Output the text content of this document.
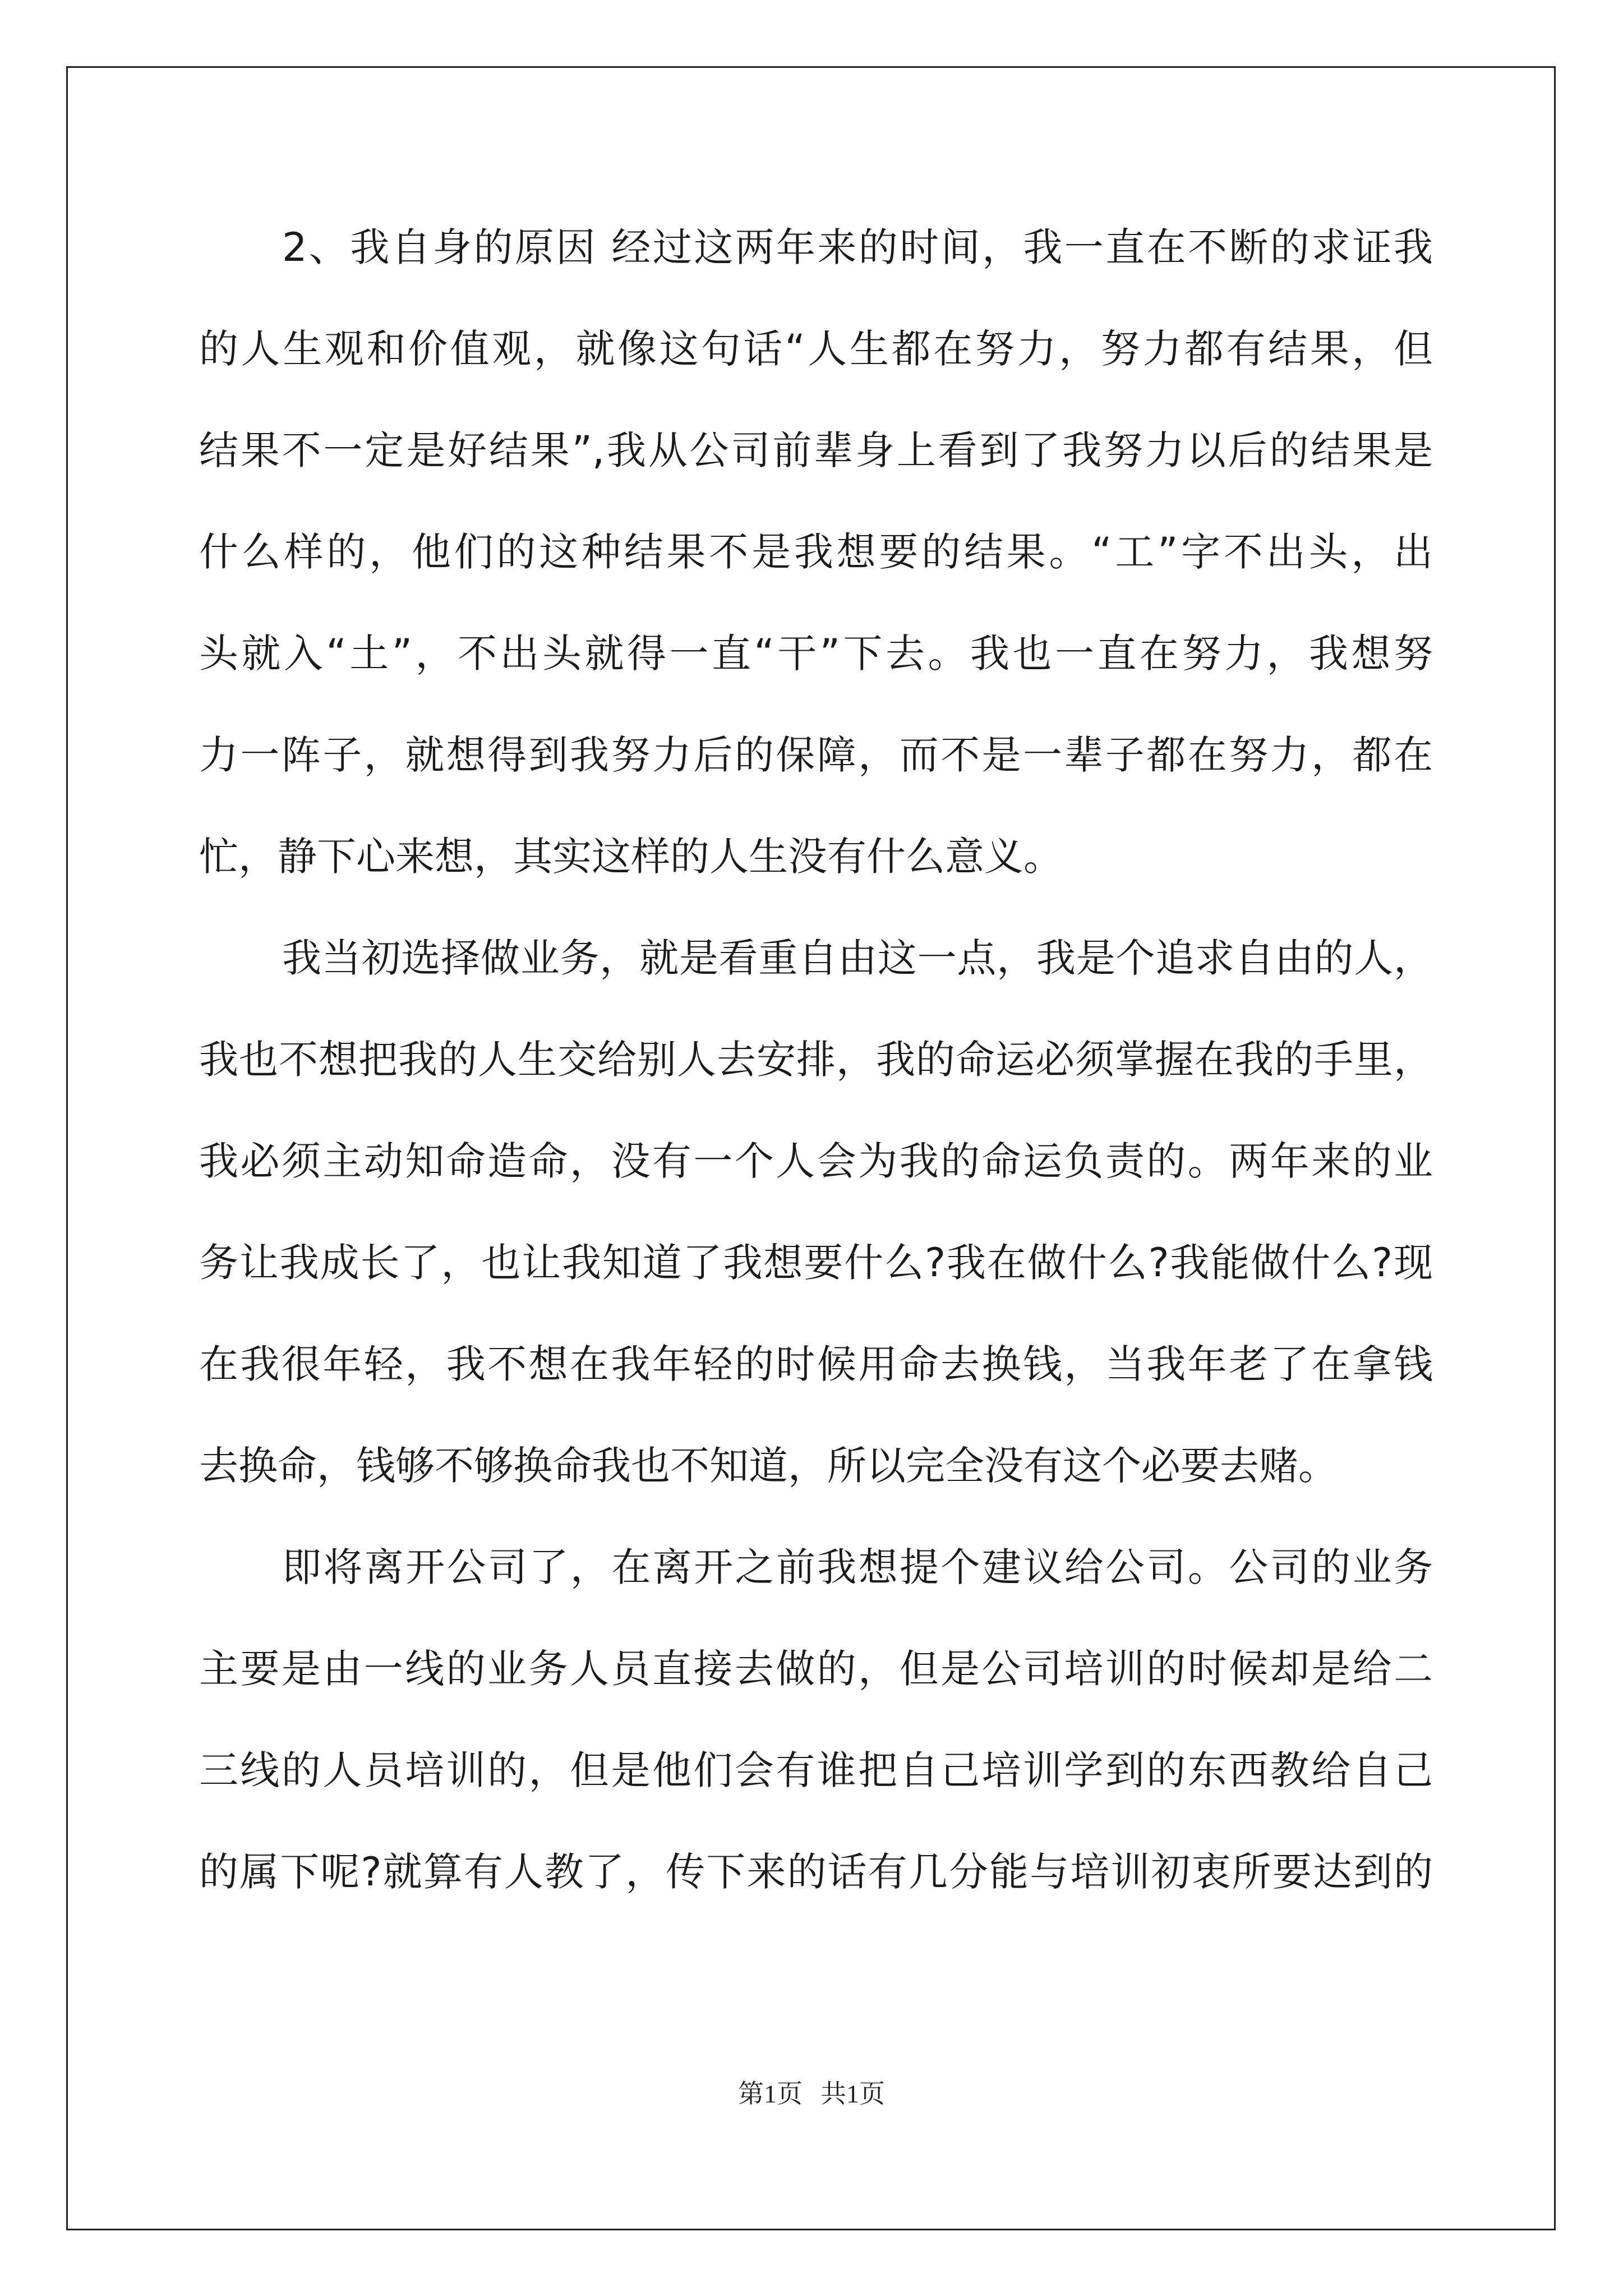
2、我自身的原因 经过这两年来的时间，我一直在不断的求证我
的人生观和价值观，就像这句话“人生都在努力，努力都有结果，但
结果不一定是好结果”,我从公司前辈身上看到了我努力以后的结果是
什么样的，他们的这种结果不是我想要的结果。“工”字不出头，出
头就入“土”，不出头就得一直“干”下去。我也一直在努力，我想努
力一阵子，就想得到我努力后的保障，而不是一辈子都在努力，都在
忙，静下心来想，其实这样的人生没有什么意义。
我当初选择做业务，就是看重自由这一点，我是个追求自由的人，
我也不想把我的人生交给别人去安排，我的命运必须掌握在我的手里，
我必须主动知命造命，没有一个人会为我的命运负责的。两年来的业
务让我成长了，也让我知道了我想要什么?我在做什么?我能做什么?现
在我很年轻，我不想在我年轻的时候用命去换钱，当我年老了在拿钱
去换命，钱够不够换命我也不知道，所以完全没有这个必要去赌。
即将离开公司了，在离开之前我想提个建议给公司。公司的业务
主要是由一线的业务人员直接去做的，但是公司培训的时候却是给二
三线的人员培训的，但是他们会有谁把自己培训学到的东西教给自己
的属下呢?就算有人教了，传下来的话有几分能与培训初衷所要达到的
第1页 共1页
